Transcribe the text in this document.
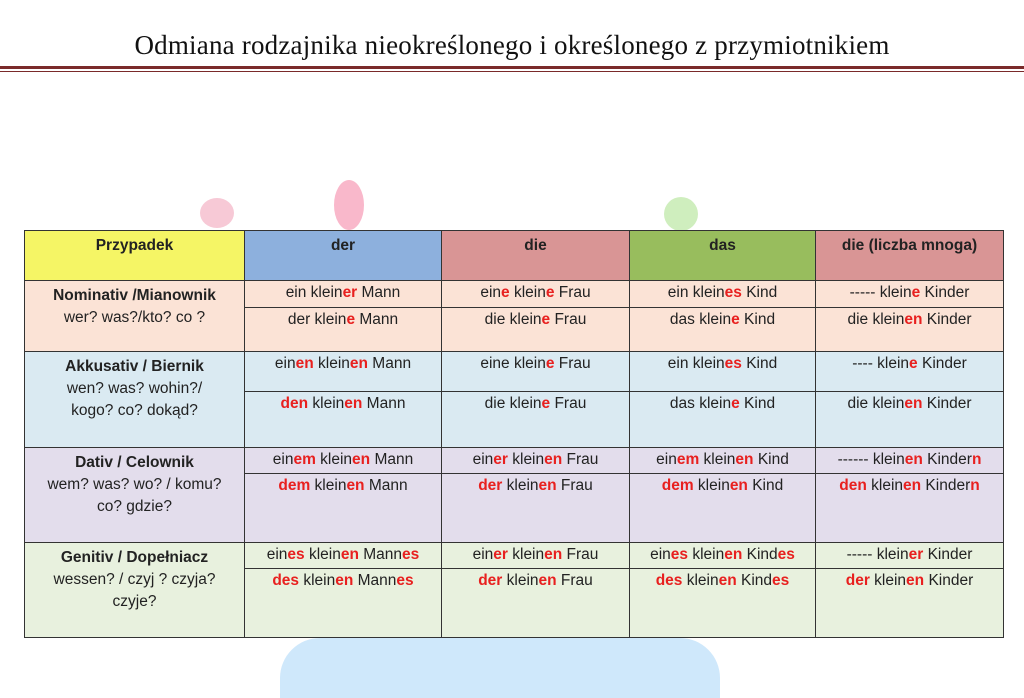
Odmiana rodzajnika nieokreślonego i określonego z przymiotnikiem
Przypadek	der	die	das	die (liczba mnoga)

Nominativ /Mianownik
wer? was?/kto? co ?	ein kleiner Mann	eine kleine Frau	ein kleines Kind	----- kleine Kinder
	der kleine Mann	die kleine Frau	das kleine Kind	die kleinen Kinder

Akkusativ / Biernik
wen? was? wohin?/
kogo? co? dokąd?	einen kleinen Mann	eine kleine Frau	ein kleines Kind	---- kleine Kinder
	den kleinen Mann	die kleine Frau	das kleine Kind	die kleinen Kinder

Dativ / Celownik
wem? was? wo? / komu?
co? gdzie?	einem kleinen Mann	einer kleinen Frau	einem kleinen Kind	------ kleinen Kindern
	dem kleinen Mann	der kleinen Frau	dem kleinen Kind	den kleinen Kindern

Genitiv / Dopełniacz
wessen? / czyj ? czyja?
czyje?	eines kleinen Mannes	einer kleinen Frau	eines kleinen Kindes	----- kleiner Kinder
	des kleinen Mannes	der kleinen Frau	des kleinen Kindes	der kleinen Kinder
